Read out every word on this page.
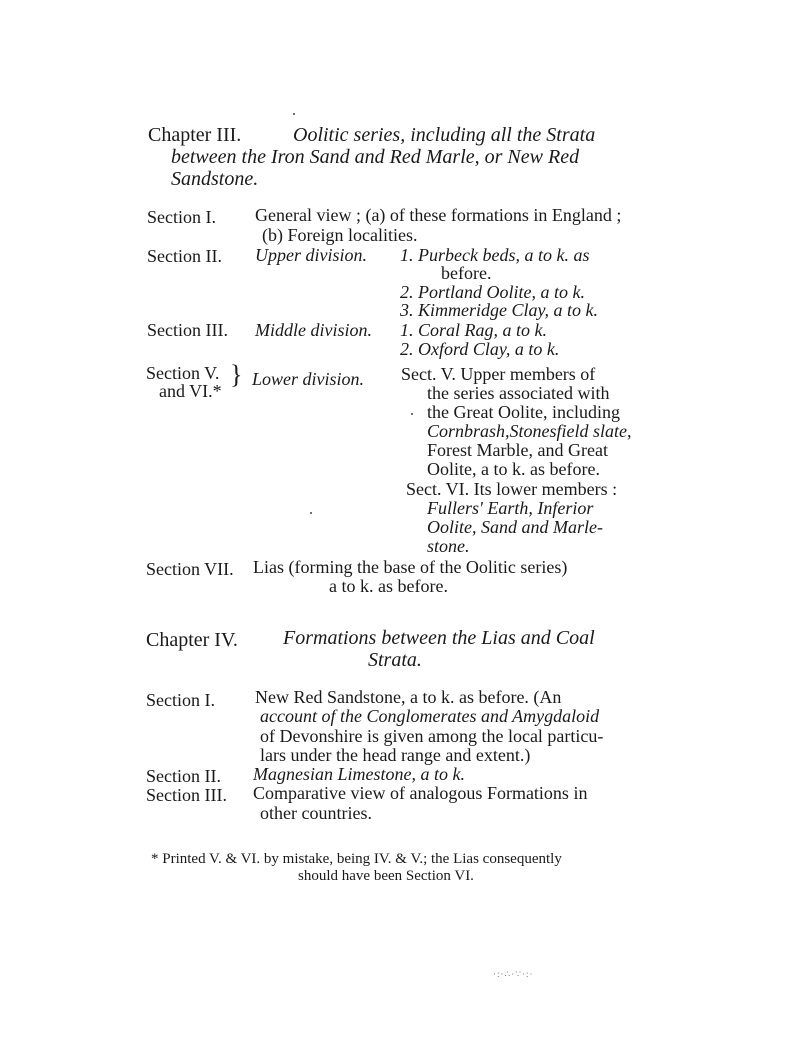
Chapter III.	Oolitic series, including all the Strata
between the Iron Sand and Red Marle, or New Red
Sandstone.
Section I. General view ; (a) of these formations in England ;
(b) Foreign localities.
Section II. Upper division. 1. Purbeck beds, a to k. as
before.
2. Portland Oolite, a to k.
3. Kimmeridge Clay, a to k.
Section III. Middle division. 1. Coral Rag, a to k.
2. Oxford Clay, a to k.
Section V.
and VI.*
} Lower division. Sect. V. Upper members of
the series associated with
the Great Oolite, including
Cornbrash,Stonesfield slate,
Forest Marble, and Great
Oolite, a to k. as before.
Sect. VI. Its lower members :
Fullers' Earth, Inferior
Oolite, Sand and Marle-
stone.
Section VII. Lias (forming the base of the Oolitic series)
a to k. as before.
Chapter IV. Formations between the Lias and Coal
Strata.
Section I. New Red Sandstone, a to k. as before. (An
account of the Conglomerates and Amygdaloid
of Devonshire is given among the local particu-
lars under the head range and extent.)
Section II. Magnesian Limestone, a to k.
Section III. Comparative view of analogous Formations in
other countries.
* Printed V. & VI. by mistake, being IV. & V.; the Lias consequently
should have been Section VI.
·:·∴·∵·:·
